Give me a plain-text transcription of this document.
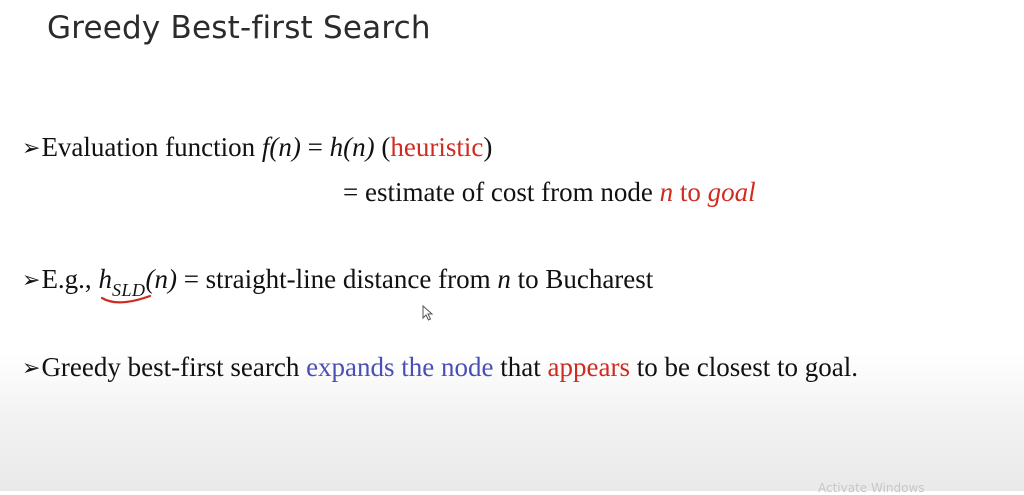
Greedy Best-first Search
➢Evaluation function f(n) = h(n) (heuristic)
= estimate of cost from node n to goal
➢E.g., $h_{SLD}$
(n) = straight-line distance from n to Bucharest
➢Greedy best-first search expands the node that appears to be closest to goal.
Activate Windows
